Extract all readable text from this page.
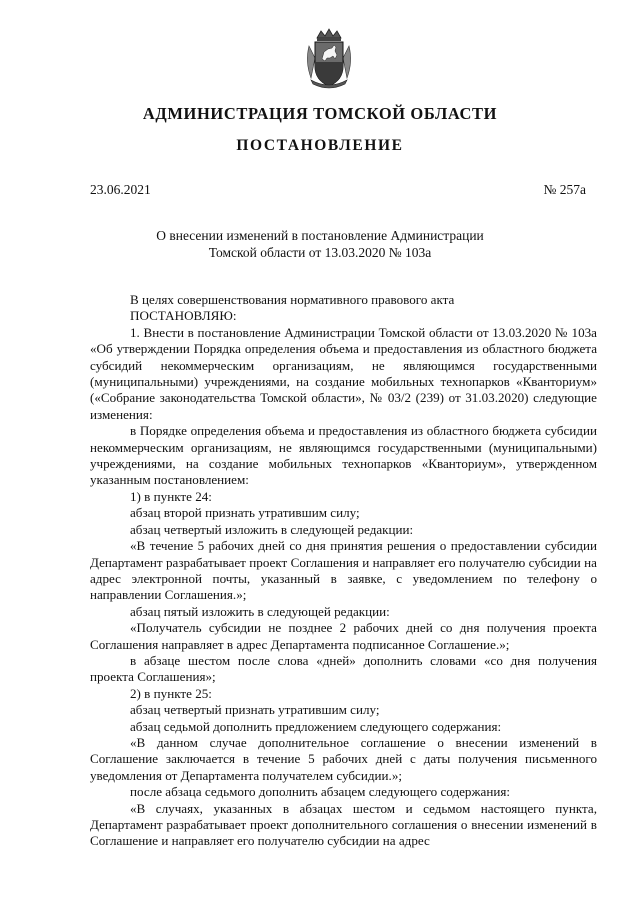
АДМИНИСТРАЦИЯ ТОМСКОЙ ОБЛАСТИ
ПОСТАНОВЛЕНИЕ
23.06.2021	№ 257а
О внесении изменений в постановление Администрации
Томской области от 13.03.2020 № 103а

В целях совершенствования нормативного правового акта

ПОСТАНОВЛЯЮ:

1. Внести в постановление Администрации Томской области от 13.03.2020 № 103а «Об утверждении Порядка определения объема и предоставления из областного бюджета субсидий некоммерческим организациям, не являющимся государственными (муниципальными) учреждениями, на создание мобильных технопарков «Кванториум» («Собрание законодательства Томской области», № 03/2 (239) от 31.03.2020) следующие изменения:

в Порядке определения объема и предоставления из областного бюджета субсидии некоммерческим организациям, не являющимся государственными (муниципальными) учреждениями, на создание мобильных технопарков «Кванториум», утвержденном указанным постановлением:

1) в пункте 24:

абзац второй признать утратившим силу;

абзац четвертый изложить в следующей редакции:

«В течение 5 рабочих дней со дня принятия решения о предоставлении субсидии Департамент разрабатывает проект Соглашения и направляет его получателю субсидии на адрес электронной почты, указанный в заявке, с уведомлением по телефону о направлении Соглашения.»;

абзац пятый изложить в следующей редакции:

«Получатель субсидии не позднее 2 рабочих дней со дня получения проекта Соглашения направляет в адрес Департамента подписанное Соглашение.»;

в абзаце шестом после слова «дней» дополнить словами «со дня получения проекта Соглашения»;

2) в пункте 25:

абзац четвертый признать утратившим силу;

абзац седьмой дополнить предложением следующего содержания:

«В данном случае дополнительное соглашение о внесении изменений в Соглашение заключается в течение 5 рабочих дней с даты получения письменного уведомления от Департамента получателем субсидии.»;

после абзаца седьмого дополнить абзацем следующего содержания:

«В случаях, указанных в абзацах шестом и седьмом настоящего пункта, Департамент разрабатывает проект дополнительного соглашения о внесении изменений в Соглашение и направляет его получателю субсидии на адрес
